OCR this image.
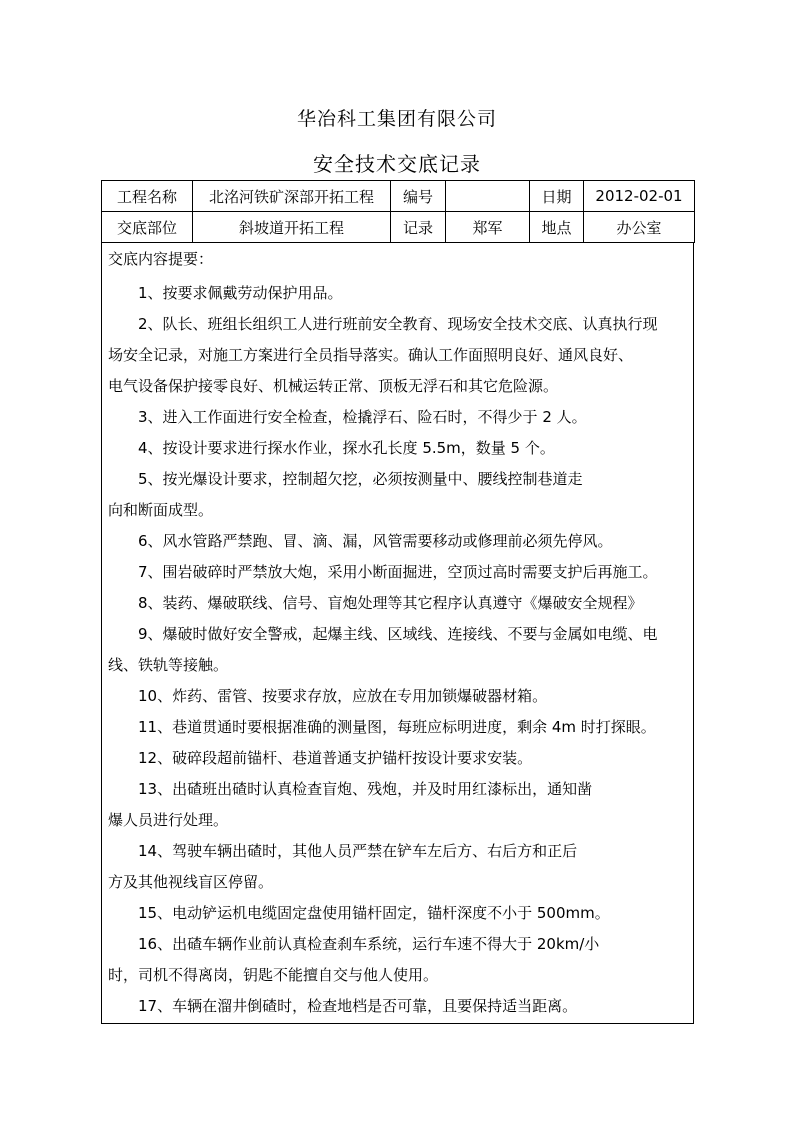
华冶科工集团有限公司
安全技术交底记录
工程名称	北洺河铁矿深部开拓工程	编号		日期	2012-02-01
交底部位	斜坡道开拓工程	记录	郑军	地点	办公室
交底内容提要：
1、按要求佩戴劳动保护用品。
2、队长、班组长组织工人进行班前安全教育、现场安全技术交底、认真执行现
场安全记录，对施工方案进行全员指导落实。确认工作面照明良好、通风良好、
电气设备保护接零良好、机械运转正常、顶板无浮石和其它危险源。
3、进入工作面进行安全检查，检撬浮石、险石时，不得少于 2 人。
4、按设计要求进行探水作业，探水孔长度 5.5m，数量 5 个。
5、按光爆设计要求，控制超欠挖，必须按测量中、腰线控制巷道走
向和断面成型。
6、风水管路严禁跑、冒、滴、漏，风管需要移动或修理前必须先停风。
7、围岩破碎时严禁放大炮，采用小断面掘进，空顶过高时需要支护后再施工。
8、装药、爆破联线、信号、盲炮处理等其它程序认真遵守《爆破安全规程》
9、爆破时做好安全警戒，起爆主线、区域线、连接线、不要与金属如电缆、电
线、铁轨等接触。
10、炸药、雷管、按要求存放，应放在专用加锁爆破器材箱。
11、巷道贯通时要根据准确的测量图，每班应标明进度，剩余 4m 时打探眼。
12、破碎段超前锚杆、巷道普通支护锚杆按设计要求安装。
13、出碴班出碴时认真检查盲炮、残炮，并及时用红漆标出，通知凿
爆人员进行处理。
14、驾驶车辆出碴时，其他人员严禁在铲车左后方、右后方和正后
方及其他视线盲区停留。
15、电动铲运机电缆固定盘使用锚杆固定，锚杆深度不小于 500mm。
16、出碴车辆作业前认真检查刹车系统，运行车速不得大于 20km/小
时，司机不得离岗，钥匙不能擅自交与他人使用。
17、车辆在溜井倒碴时，检查地档是否可靠，且要保持适当距离。
